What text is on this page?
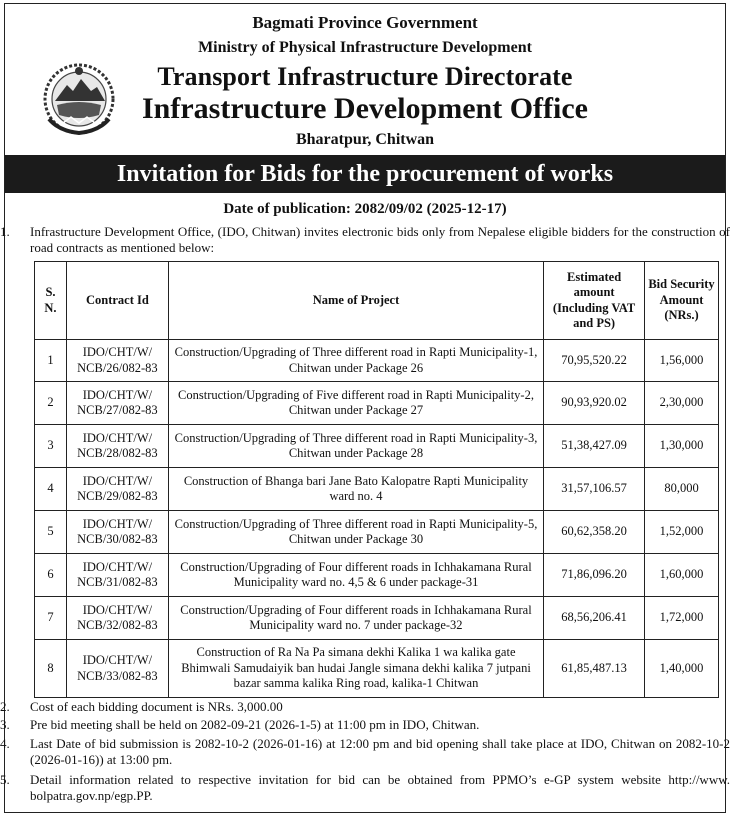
Bagmati Province Government
Ministry of Physical Infrastructure Development
Transport Infrastructure Directorate
Infrastructure Development Office
Bharatpur, Chitwan
Invitation for Bids for the procurement of works
Date of publication: 2082/09/02 (2025-12-17)
1. Infrastructure Development Office, (IDO, Chitwan) invites electronic bids only from Nepalese eligible bidders for the construction of road contracts as mentioned below:
S. N.	Contract Id	Name of Project	Estimated amount (Including VAT and PS)	Bid Security Amount (NRs.)
1	IDO/CHT/W/
NCB/26/082-83	Construction/Upgrading of Three different road in Rapti Municipality-1, Chitwan under Package 26	70,95,520.22	1,56,000
2	IDO/CHT/W/
NCB/27/082-83	Construction/Upgrading of Five different road in Rapti Municipality-2, Chitwan under Package 27	90,93,920.02	2,30,000
3	IDO/CHT/W/
NCB/28/082-83	Construction/Upgrading of Three different road in Rapti Municipality-3, Chitwan under Package 28	51,38,427.09	1,30,000
4	IDO/CHT/W/
NCB/29/082-83	Construction of Bhanga bari Jane Bato Kalopatre Rapti Municipality ward no. 4	31,57,106.57	80,000
5	IDO/CHT/W/
NCB/30/082-83	Construction/Upgrading of Three different road in Rapti Municipality-5, Chitwan under Package 30	60,62,358.20	1,52,000
6	IDO/CHT/W/
NCB/31/082-83	Construction/Upgrading of Four different roads in Ichhakamana Rural Municipality ward no. 4,5 & 6 under package-31	71,86,096.20	1,60,000
7	IDO/CHT/W/
NCB/32/082-83	Construction/Upgrading of Four different roads in Ichhakamana Rural Municipality ward no. 7 under package-32	68,56,206.41	1,72,000
8	IDO/CHT/W/
NCB/33/082-83	Construction of Ra Na Pa simana dekhi Kalika 1 wa kalika gate Bhimwali Samudaiyik ban hudai Jangle simana dekhi kalika 7 jutpani bazar samma kalika Ring road, kalika-1 Chitwan	61,85,487.13	1,40,000
2. Cost of each bidding document is NRs. 3,000.00
3. Pre bid meeting shall be held on 2082-09-21 (2026-1-5) at 11:00 pm in IDO, Chitwan.
4. Last Date of bid submission is 2082-10-2 (2026-01-16) at 12:00 pm and bid opening shall take place at IDO, Chitwan on 2082-10-2 (2026-01-16)) at 13:00 pm.
5. Detail information related to respective invitation for bid can be obtained from PPMO’s e-GP system website http://www. bolpatra.gov.np/egp.PP.
